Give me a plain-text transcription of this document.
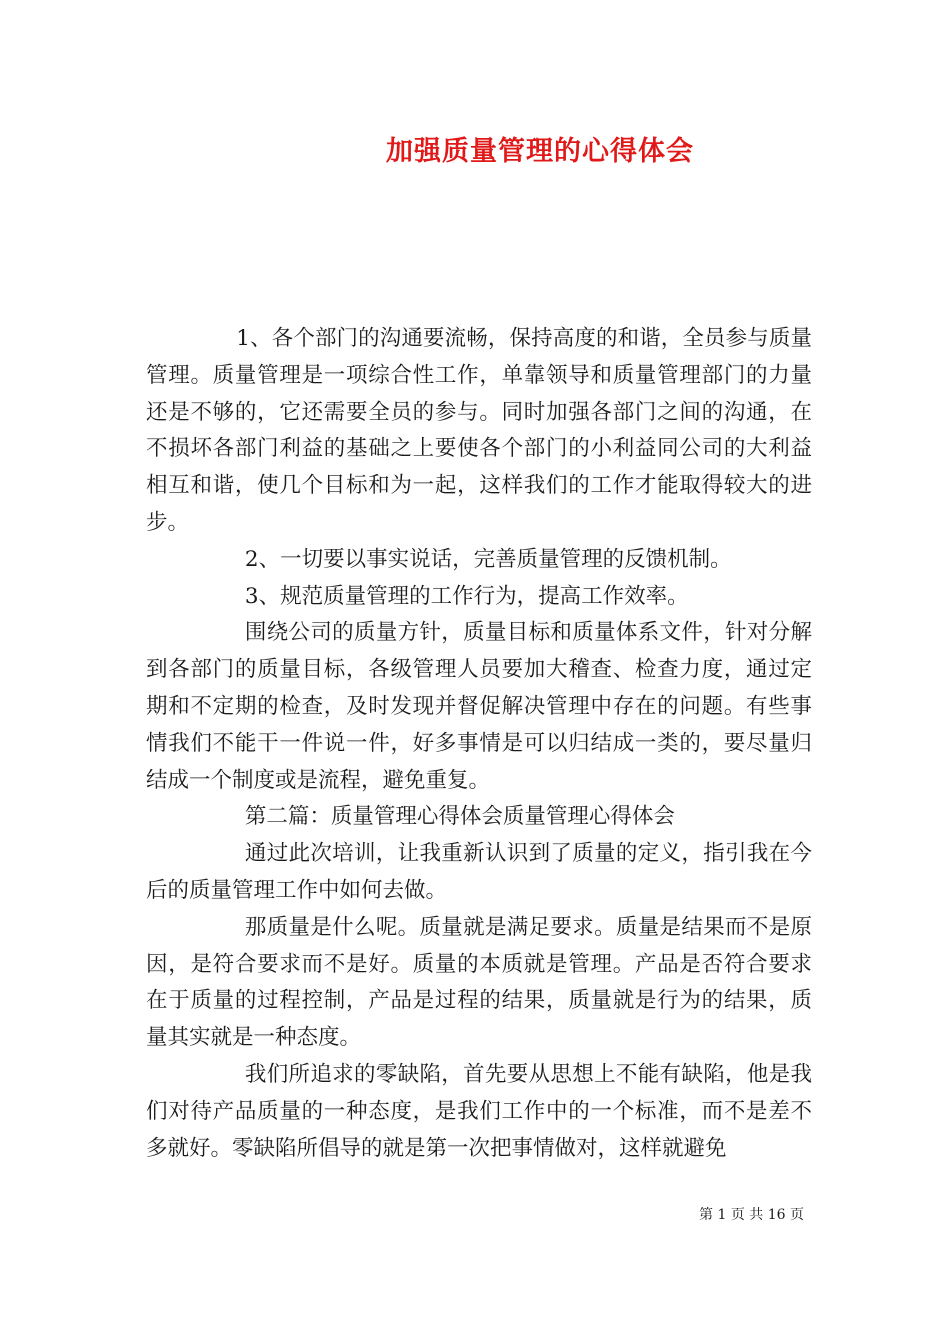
加强质量管理的心得体会

1、各个部门的沟通要流畅，保持高度的和谐，全员参与质量管理。质量管理是一项综合性工作，单靠领导和质量管理部门的力量还是不够的，它还需要全员的参与。同时加强各部门之间的沟通，在不损坏各部门利益的基础之上要使各个部门的小利益同公司的大利益相互和谐，使几个目标和为一起，这样我们的工作才能取得较大的进步。

2、一切要以事实说话，完善质量管理的反馈机制。

3、规范质量管理的工作行为，提高工作效率。

围绕公司的质量方针，质量目标和质量体系文件，针对分解到各部门的质量目标，各级管理人员要加大稽查、检查力度，通过定期和不定期的检查，及时发现并督促解决管理中存在的问题。有些事情我们不能干一件说一件，好多事情是可以归结成一类的，要尽量归结成一个制度或是流程，避免重复。

第二篇：质量管理心得体会质量管理心得体会

通过此次培训，让我重新认识到了质量的定义，指引我在今后的质量管理工作中如何去做。

那质量是什么呢。质量就是满足要求。质量是结果而不是原因，是符合要求而不是好。质量的本质就是管理。产品是否符合要求在于质量的过程控制，产品是过程的结果，质量就是行为的结果，质量其实就是一种态度。

我们所追求的零缺陷，首先要从思想上不能有缺陷，他是我们对待产品质量的一种态度，是我们工作中的一个标准，而不是差不多就好。零缺陷所倡导的就是第一次把事情做对，这样就避免

第 1 页 共 16 页
